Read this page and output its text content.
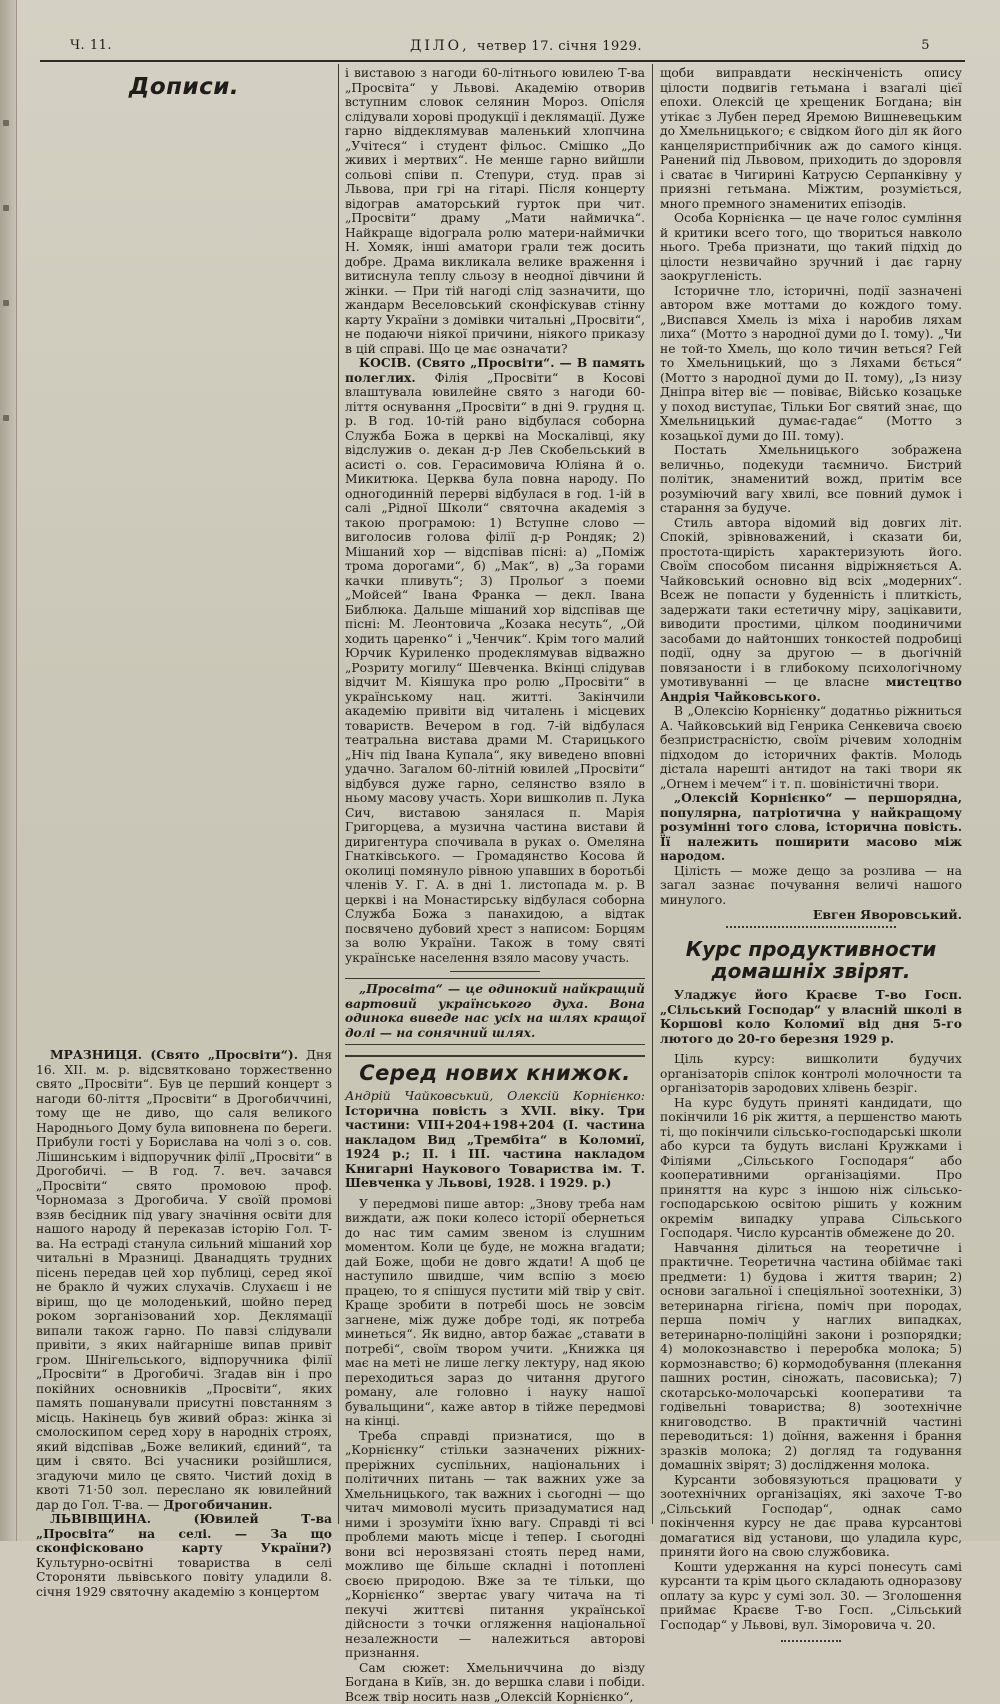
Ч. 11.	ДІЛО, четвер 17. січня 1929.	5
Дописи.

МРАЗНИЦЯ. (Свято „Просвіти“). Дня 16. XII. м. р. відсвятковано торжественно свято „Просвіти“. Був це перший концерт з нагоди 60-ліття „Просвіти“ в Дрогобиччині, тому ще не диво, що саля великого Народнього Дому була виповнена по береги. Прибули гості у Борислава на чолі з о. сов. Лішинським і відпоручник філії „Просвіти“ в Дрогобичі. — В год. 7. веч. зачався „Просвіти“ свято промовою проф. Чорномаза з Дрогобича. У своїй промові взяв бесідник під увагу значіння освіти для нашого народу й переказав історію Гол. Т-ва. На естраді станула сильний мішаний хор читальні в Мразниці. Дванадцять трудних пісень передав цей хор публиці, серед якої не бракло й чужих слухачів. Слухаєш і не віриш, що це молоденький, шойно перед роком зорганізований хор. Деклямації випали також гарно. По павзі слідували привіти, з яких найгарніше випав привіт гром. Шнігельського, відпоручника філії „Просвіти“ в Дрогобичі. Згадав він і про покійних основників „Просвіти“, яких память пошанували присутні повстанням з місць. Накінець був живий образ: жінка зі смолоскипом серед хору в народніх строях, який відспівав „Боже великий, єдиний“, та цим і свято. Всі учасники розійшлися, згадуючи мило це свято. Чистий дохід в квоті 71·50 зол. переслано як ювилейний дар до Гол. Т-ва. — Дрогобичанин.

ЛЬВІВЩИНА. (Ювилей Т-ва „Просвіта“ на селі. — За що сконфісковано карту України?) Культурно-освітні товариства в селі Стороняти львівського повіту уладили 8. січня 1929 святочну академію з концертом

і виставою з нагоди 60-літнього ювилею Т-ва „Просвіта“ у Львові. Академію отворив вступним словок селянин Мороз. Опісля слідували хорові продукції і деклямації. Дуже гарно віддеклямував маленький хлопчина „Учітеся“ і студент фільос. Смішко „До живих і мертвих“. Не менше гарно вийшли сольові співи п. Степури, студ. прав зі Львова, при грі на гітарі. Після концерту відограв аматорський гурток при чит. „Просвіти“ драму „Мати наймичка“. Найкраще відограла ролю матери-наймички Н. Хомяк, інші аматори грали теж досить добре. Драма викликала велике враження і витиснула теплу сльозу в неодної дівчини й жінки. — При тій нагоді слід зазначити, що жандарм Веселовський сконфіскував стінну карту України з домівки читальні „Просвіти“, не подаючи ніякої причини, ніякого приказу в цій справі. Що це має означати?

КОСІВ. (Свято „Просвіти“. — В память полеглих. Філія „Просвіти“ в Косові влаштувала ювилейне свято з нагоди 60-ліття оснування „Просвіти“ в дні 9. грудня ц. р. В год. 10-тій рано відбулася соборна Служба Божа в церкві на Москалівці, яку відслужив о. декан д-р Лев Скобельський в асисті о. сов. Герасимовича Юліяна й о. Микитюка. Церква була повна народу. По одногодинній перерві відбулася в год. 1-ій в салі „Рідної Школи“ святочна академія з такою програмою: 1) Вступне слово — виголосив голова філії д-р Рондяк; 2) Мішаний хор — відспівав пісні: а) „Поміж трома дорогами“, б) „Мак“, в) „За горами качки пливуть“; 3) Прольоґ з поеми „Мойсей“ Івана Франка — декл. Івана Библюка. Дальше мішаний хор відспівав ще пісні: М. Леонтовича „Козака несуть“, „Ой ходить царенко“ і „Ченчик“. Крім того малий Юрчик Куриленко продеклямував відважно „Розриту могилу“ Шевченка. Вкінці слідував відчит М. Кіяшука про ролю „Просвіти“ в українському нац. житті. Закінчили академію привіти від читалень і місцевих товариств. Вечером в год. 7-ій відбулася театральна вистава драми М. Старицького „Ніч під Івана Купала“, яку виведено вповні удачно. Загалом 60-літній ювилей „Просвіти“ відбувся дуже гарно, селянство взяло в ньому масову участь. Хори вишколив п. Лука Сич, виставою занялася п. Марія Григорцева, а музична частина вистави й диригентура спочивала в руках о. Омеляна Гнатківського. — Громадянство Косова й околиці помянуло рівною упавших в боротьбі членів У. Г. А. в дні 1. листопада м. р. В церкві і на Монастирську відбулася соборна Служба Божа з панахидою, а відтак посвячено дубовий хрест з написом: Борцям за волю України. Також в тому святі українське населення взяло масову участь.

„Просвіта“ — це одинокий найкращий вартовий українського духа. Вона одинока виведе нас усіх на шлях кращої долі — на сонячний шлях.

Серед нових книжок.

Андрій Чайковський, Олексій Корнієнко: Історична повість з XVII. віку. Три частини: VIII+204+198+204 (I. частина накладом Вид „Трембіта“ в Коломиї, 1924 р.; II. і III. частина накладом Книгарні Наукового Товариства ім. Т. Шевченка у Львові, 1928. і 1929. р.)

У передмові пише автор: „Знову треба нам виждати, аж поки колесо історії обернеться до нас тим самим звеном із слушним моментом. Коли це буде, не можна вгадати; дай Боже, щоби не довго ждати! А щоб це наступило швидше, чим вспію з моєю працею, то я спішуся пустити мій твір у світ. Краще зробити в потребі шось не зовсім загнене, між дуже добре тоді, як потреба минеться“. Як видно, автор бажає „ставати в потребі“, своїм твором учити. „Книжка ця має на меті не лише легку лектуру, над якою переходиться зараз до читання другого роману, але головно і науку нашої бувальщини“, каже автор в тійже передмові на кінці.

Треба справді признатися, що в „Корнієнку“ стільки зазначених ріжних-преріжних суспільних, національних і політичних питань — так важних уже за Хмельницького, так важних і сьогодні — що читач мимоволі мусить призадуматися над ними і зрозуміти їхню вагу. Справді ті всі проблеми мають місце і тепер. І сьогодні вони всі нерозвязані стоять перед нами, можливо ще більше складні і потоплені своєю природою. Вже за те тільки, що „Корнієнко“ звертає увагу читача на ті пекучі життєві питання української дійсности з точки огляження національної незалежности — належиться авторові признання.

Сам сюжет: Хмельниччина до візду Богдана в Київ, зн. до вершка слави і побіди. Всеж твір носить назв „Олексій Корнієнко“,

щоби виправдати нескінченість опису цілости подвигів гетьмана і взагалі цієї епохи. Олексій це хрещеник Богдана; він утікає з Лубен перед Яремою Вишневецьким до Хмельницького; є свідком його діл як його канцеляристприбічник аж до самого кінця. Ранений під Львовом, приходить до здоровля і сватає в Чигирині Катрусю Серпанківну у приязні гетьмана. Міжтим, розуміється, много премного знаменитих епізодів.

Особа Корнієнка — це наче голос сумління й критики всего того, що твориться навколо нього. Треба признати, що такий підхід до цілости незвичайно зручний і дає гарну заокругленість.

Історичне тло, історичні, події зазначені автором вже моттами до кождого тому. „Виспався Хмель із міха і наробив ляхам лиха“ (Мотто з народної думи до I. тому). „Чи не той-то Хмель, що коло тичин веться? Гей то Хмельницький, що з Ляхами бється“ (Мотто з народної думи до II. тому), „Із низу Дніпра вітер віє — повіває, Військо козацьке у поход виступає, Тільки Бог святий знає, що Хмельницький думає-гадає“ (Мотто з козацької думи до III. тому).

Постать Хмельницького зображена величньо, подекуди таємничо. Бистрий політик, знаменитий вожд, притім все розуміючий вагу хвилі, все повний думок і старання за будуче.

Стиль автора відомий від довгих літ. Спокій, зрівноважений, і сказати би, простота-щирість характеризують його. Своїм способом писання відріжняється А. Чайковський основно від всіх „модерних“. Всеж не попасти у буденність і плиткість, задержати таки естетичну міру, зацікавити, виводити простими, цілком поодиничими засобами до найтонших тонкостей подробиці події, одну за другою — в дьогічній повязаности і в глибокому психологічному умотивуванні — це власне мистецтво Андрія Чайковського.

В „Олексію Корнієнку“ додатньо ріжниться А. Чайковський від Генрика Сенкевича своєю безпристрасністю, своїм річевим холоднім підходом до історичних фактів. Молодь дістала нарешті антидот на такі твори як „Огнем і мечем“ і т. п. шовіністичні твори.

„Олексій Корнієнко“ — першорядна, популярна, патріотична у найкращому розумінні того слова, історична повість. Її належить поширити масово між народом.

Цілість — може дещо за розлива — на загал зазнає почування величі нашого минулого.

Евген Яворовський.
Курс продуктивности домашніх звірят.

Уладжує його Краєве Т-во Госп. „Сільський Господар“ у власній школі в Коршові коло Коломиї від дня 5-го лютого до 20-го березня 1929 р.

Ціль курсу: вишколити будучих організаторів спілок контролі молочности та організаторів зародових хлівень безріг.

На курс будуть приняті кандидати, що покінчили 16 рік життя, а першенство мають ті, що покінчили сільсько-господарські школи або курси та будуть вислані Кружками і Філіями „Сільського Господаря“ або кооперативними організаціями. Про приняття на курс з іншою ніж сільсько-господарською освітою рішить у кожним окремім випадку управа Сільського Господаря. Число курсантів обмежене до 20.

Навчання ділиться на теоретичне і практичне. Теоретична частина обіймає такі предмети: 1) будова і життя тварин; 2) основи загальної і спеціяльної зоотехніки, 3) ветеринарна гігієна, поміч при породах, перша поміч у наглих випадках, ветеринарно-поліційні закони і розпорядки; 4) молокознавство і переробка молока; 5) кормознавство; 6) кормодобування (плекання пашних ростин, сіножать, пасовиська); 7) скотарсько-молочарські кооперативи та годівельні товариства; 8) зоотехнічне книговодство. В практичній частині переводиться: 1) доїння, важення і брання зразків молока; 2) догляд та годування домашніх звірят; 3) дослідження молока.

Курсанти зобовязуються працювати у зоотехнічних організаціях, які захоче Т-во „Сільський Господар“, однак само покінчення курсу не дає права курсантові домагатися від установи, що уладила курс, приняти його на свою службовика.

Кошти удержання на курсі понесуть самі курсанти та крім цього складають одноразову оплату за курс у сумі зол. 30. — Зголошення приймає Краєве Т-во Госп. „Сільський Господар“ у Львові, вул. Зіморовича ч. 20.
